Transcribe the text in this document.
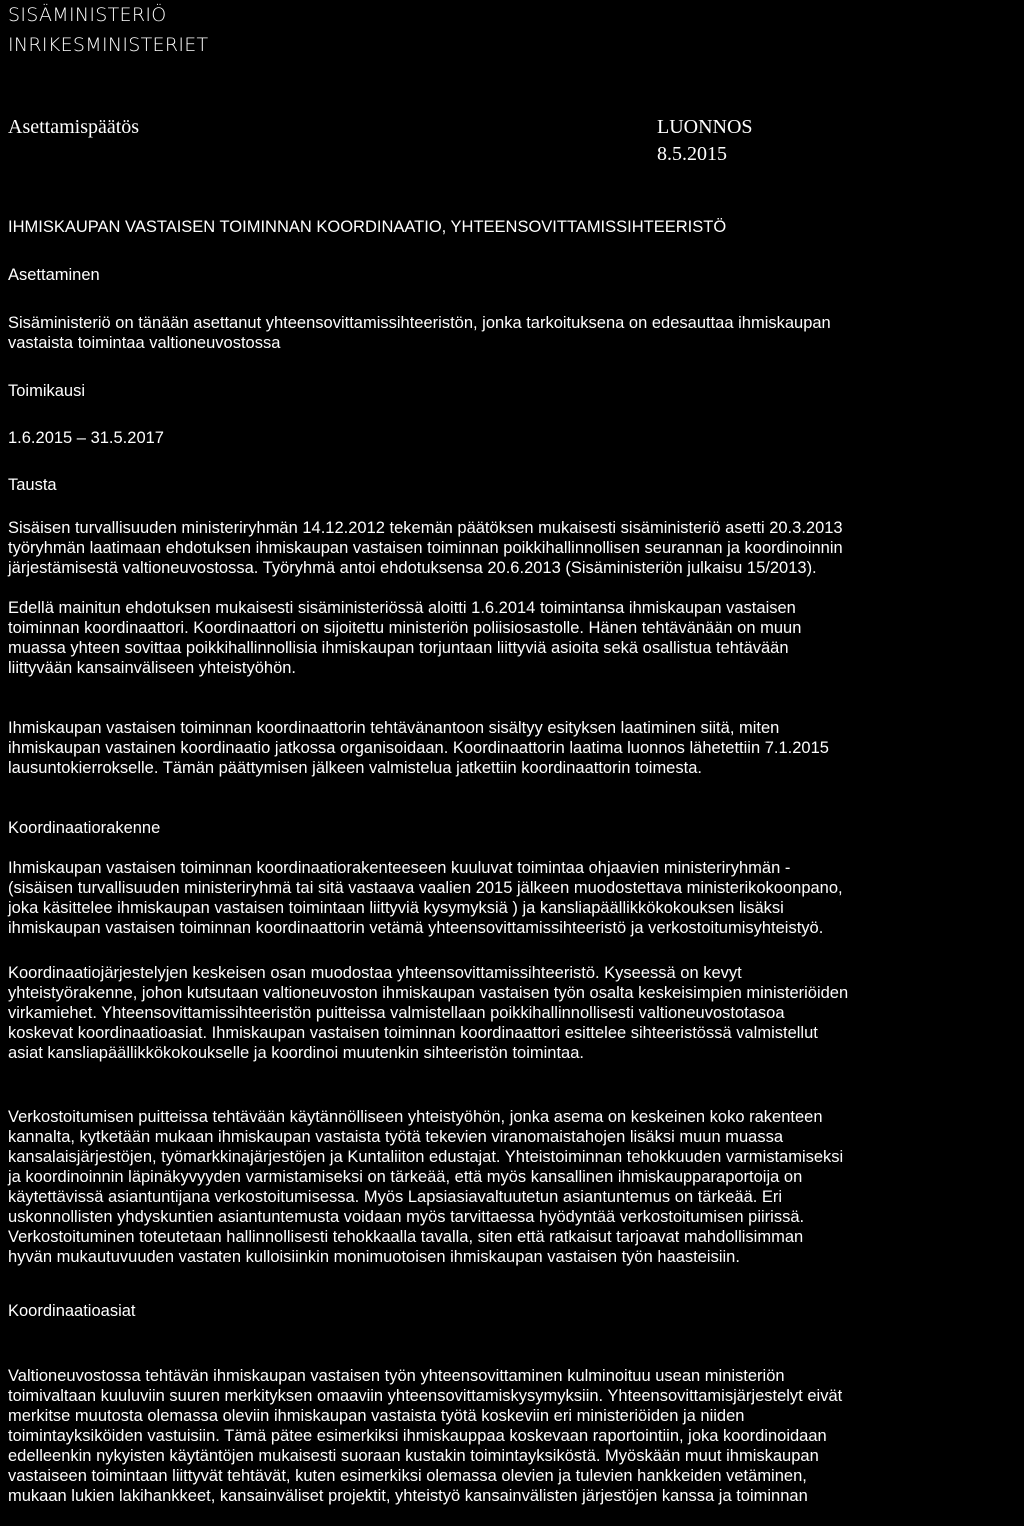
SISÄMINISTERIÖ

INRIKESMINISTERIET

Asettamispäätös	LUONNOS

8.5.2015

IHMISKAUPAN VASTAISEN TOIMINNAN KOORDINAATIO, YHTEENSOVITTAMISSIHTEERISTÖ

Asettaminen

Sisäministeriö on tänään asettanut yhteensovittamissihteeristön, jonka tarkoituksena on edesauttaa ihmiskaupan
vastaista toimintaa valtioneuvostossa

Toimikausi

1.6.2015 – 31.5.2017

Tausta

Sisäisen turvallisuuden ministeriryhmän 14.12.2012 tekemän päätöksen mukaisesti sisäministeriö asetti 20.3.2013
työryhmän laatimaan ehdotuksen ihmiskaupan vastaisen toiminnan poikkihallinnollisen seurannan ja koordinoinnin
järjestämisestä valtioneuvostossa. Työryhmä antoi ehdotuksensa 20.6.2013 (Sisäministeriön julkaisu 15/2013).

Edellä mainitun ehdotuksen mukaisesti sisäministeriössä aloitti 1.6.2014 toimintansa ihmiskaupan vastaisen
toiminnan koordinaattori. Koordinaattori on sijoitettu ministeriön poliisiosastolle. Hänen tehtävänään on muun
muassa yhteen sovittaa poikkihallinnollisia ihmiskaupan torjuntaan liittyviä asioita sekä osallistua tehtävään
liittyvään kansainväliseen yhteistyöhön.

Ihmiskaupan vastaisen toiminnan koordinaattorin tehtävänantoon sisältyy esityksen laatiminen siitä, miten
ihmiskaupan vastainen koordinaatio jatkossa organisoidaan. Koordinaattorin laatima luonnos lähetettiin 7.1.2015
lausuntokierrokselle. Tämän päättymisen jälkeen valmistelua jatkettiin koordinaattorin toimesta.

Koordinaatiorakenne

Ihmiskaupan vastaisen toiminnan koordinaatiorakenteeseen kuuluvat toimintaa ohjaavien ministeriryhmän -
(sisäisen turvallisuuden ministeriryhmä tai sitä vastaava vaalien 2015 jälkeen muodostettava ministerikokoonpano,
joka käsittelee ihmiskaupan vastaisen toimintaan liittyviä kysymyksiä ) ja kansliapäällikkökokouksen lisäksi
ihmiskaupan vastaisen toiminnan koordinaattorin vetämä yhteensovittamissihteeristö ja verkostoitumisyhteistyö.

Koordinaatiojärjestelyjen keskeisen osan muodostaa yhteensovittamissihteeristö. Kyseessä on kevyt
yhteistyörakenne, johon kutsutaan valtioneuvoston ihmiskaupan vastaisen työn osalta keskeisimpien ministeriöiden
virkamiehet. Yhteensovittamissihteeristön puitteissa valmistellaan poikkihallinnollisesti valtioneuvostotasoa
koskevat koordinaatioasiat. Ihmiskaupan vastaisen toiminnan koordinaattori esittelee sihteeristössä valmistellut
asiat kansliapäällikkökokoukselle ja koordinoi muutenkin sihteeristön toimintaa.

Verkostoitumisen puitteissa tehtävään käytännölliseen yhteistyöhön, jonka asema on keskeinen koko rakenteen
kannalta, kytketään mukaan ihmiskaupan vastaista työtä tekevien viranomaistahojen lisäksi muun muassa
kansalaisjärjestöjen, työmarkkinajärjestöjen ja Kuntaliiton edustajat. Yhteistoiminnan tehokkuuden varmistamiseksi
ja koordinoinnin läpinäkyvyyden varmistamiseksi on tärkeää, että myös kansallinen ihmiskaupparaportoija on
käytettävissä asiantuntijana verkostoitumisessa. Myös Lapsiasiavaltuutetun asiantuntemus on tärkeää. Eri
uskonnollisten yhdyskuntien asiantuntemusta voidaan myös tarvittaessa hyödyntää verkostoitumisen piirissä.
Verkostoituminen toteutetaan hallinnollisesti tehokkaalla tavalla, siten että ratkaisut tarjoavat mahdollisimman
hyvän mukautuvuuden vastaten kulloisiinkin monimuotoisen ihmiskaupan vastaisen työn haasteisiin.

Koordinaatioasiat

Valtioneuvostossa tehtävän ihmiskaupan vastaisen työn yhteensovittaminen kulminoituu usean ministeriön
toimivaltaan kuuluviin suuren merkityksen omaaviin yhteensovittamiskysymyksiin. Yhteensovittamisjärjestelyt eivät
merkitse muutosta olemassa oleviin ihmiskaupan vastaista työtä koskeviin eri ministeriöiden ja niiden
toimintayksiköiden vastuisiin. Tämä pätee esimerkiksi ihmiskauppaa koskevaan raportointiin, joka koordinoidaan
edelleenkin nykyisten käytäntöjen mukaisesti suoraan kustakin toimintayksiköstä. Myöskään muut ihmiskaupan
vastaiseen toimintaan liittyvät tehtävät, kuten esimerkiksi olemassa olevien ja tulevien hankkeiden vetäminen,
mukaan lukien lakihankkeet, kansainväliset projektit, yhteistyö kansainvälisten järjestöjen kanssa ja toiminnan
